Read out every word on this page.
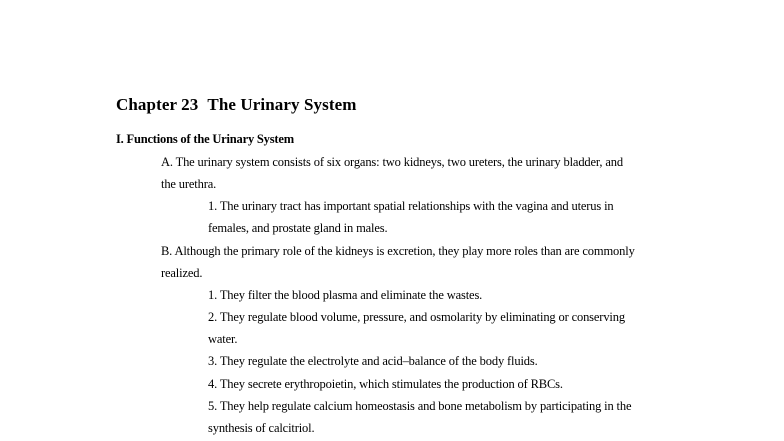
Chapter 23 The Urinary System
I. Functions of the Urinary System
A. The urinary system consists of six organs: two kidneys, two ureters, the urinary bladder, and
the urethra.
1. The urinary tract has important spatial relationships with the vagina and uterus in
females, and prostate gland in males.
B. Although the primary role of the kidneys is excretion, they play more roles than are commonly
realized.
1. They filter the blood plasma and eliminate the wastes.
2. They regulate blood volume, pressure, and osmolarity by eliminating or conserving
water.
3. They regulate the electrolyte and acid–balance of the body fluids.
4. They secrete erythropoietin, which stimulates the production of RBCs.
5. They help regulate calcium homeostasis and bone metabolism by participating in the
synthesis of calcitriol.
